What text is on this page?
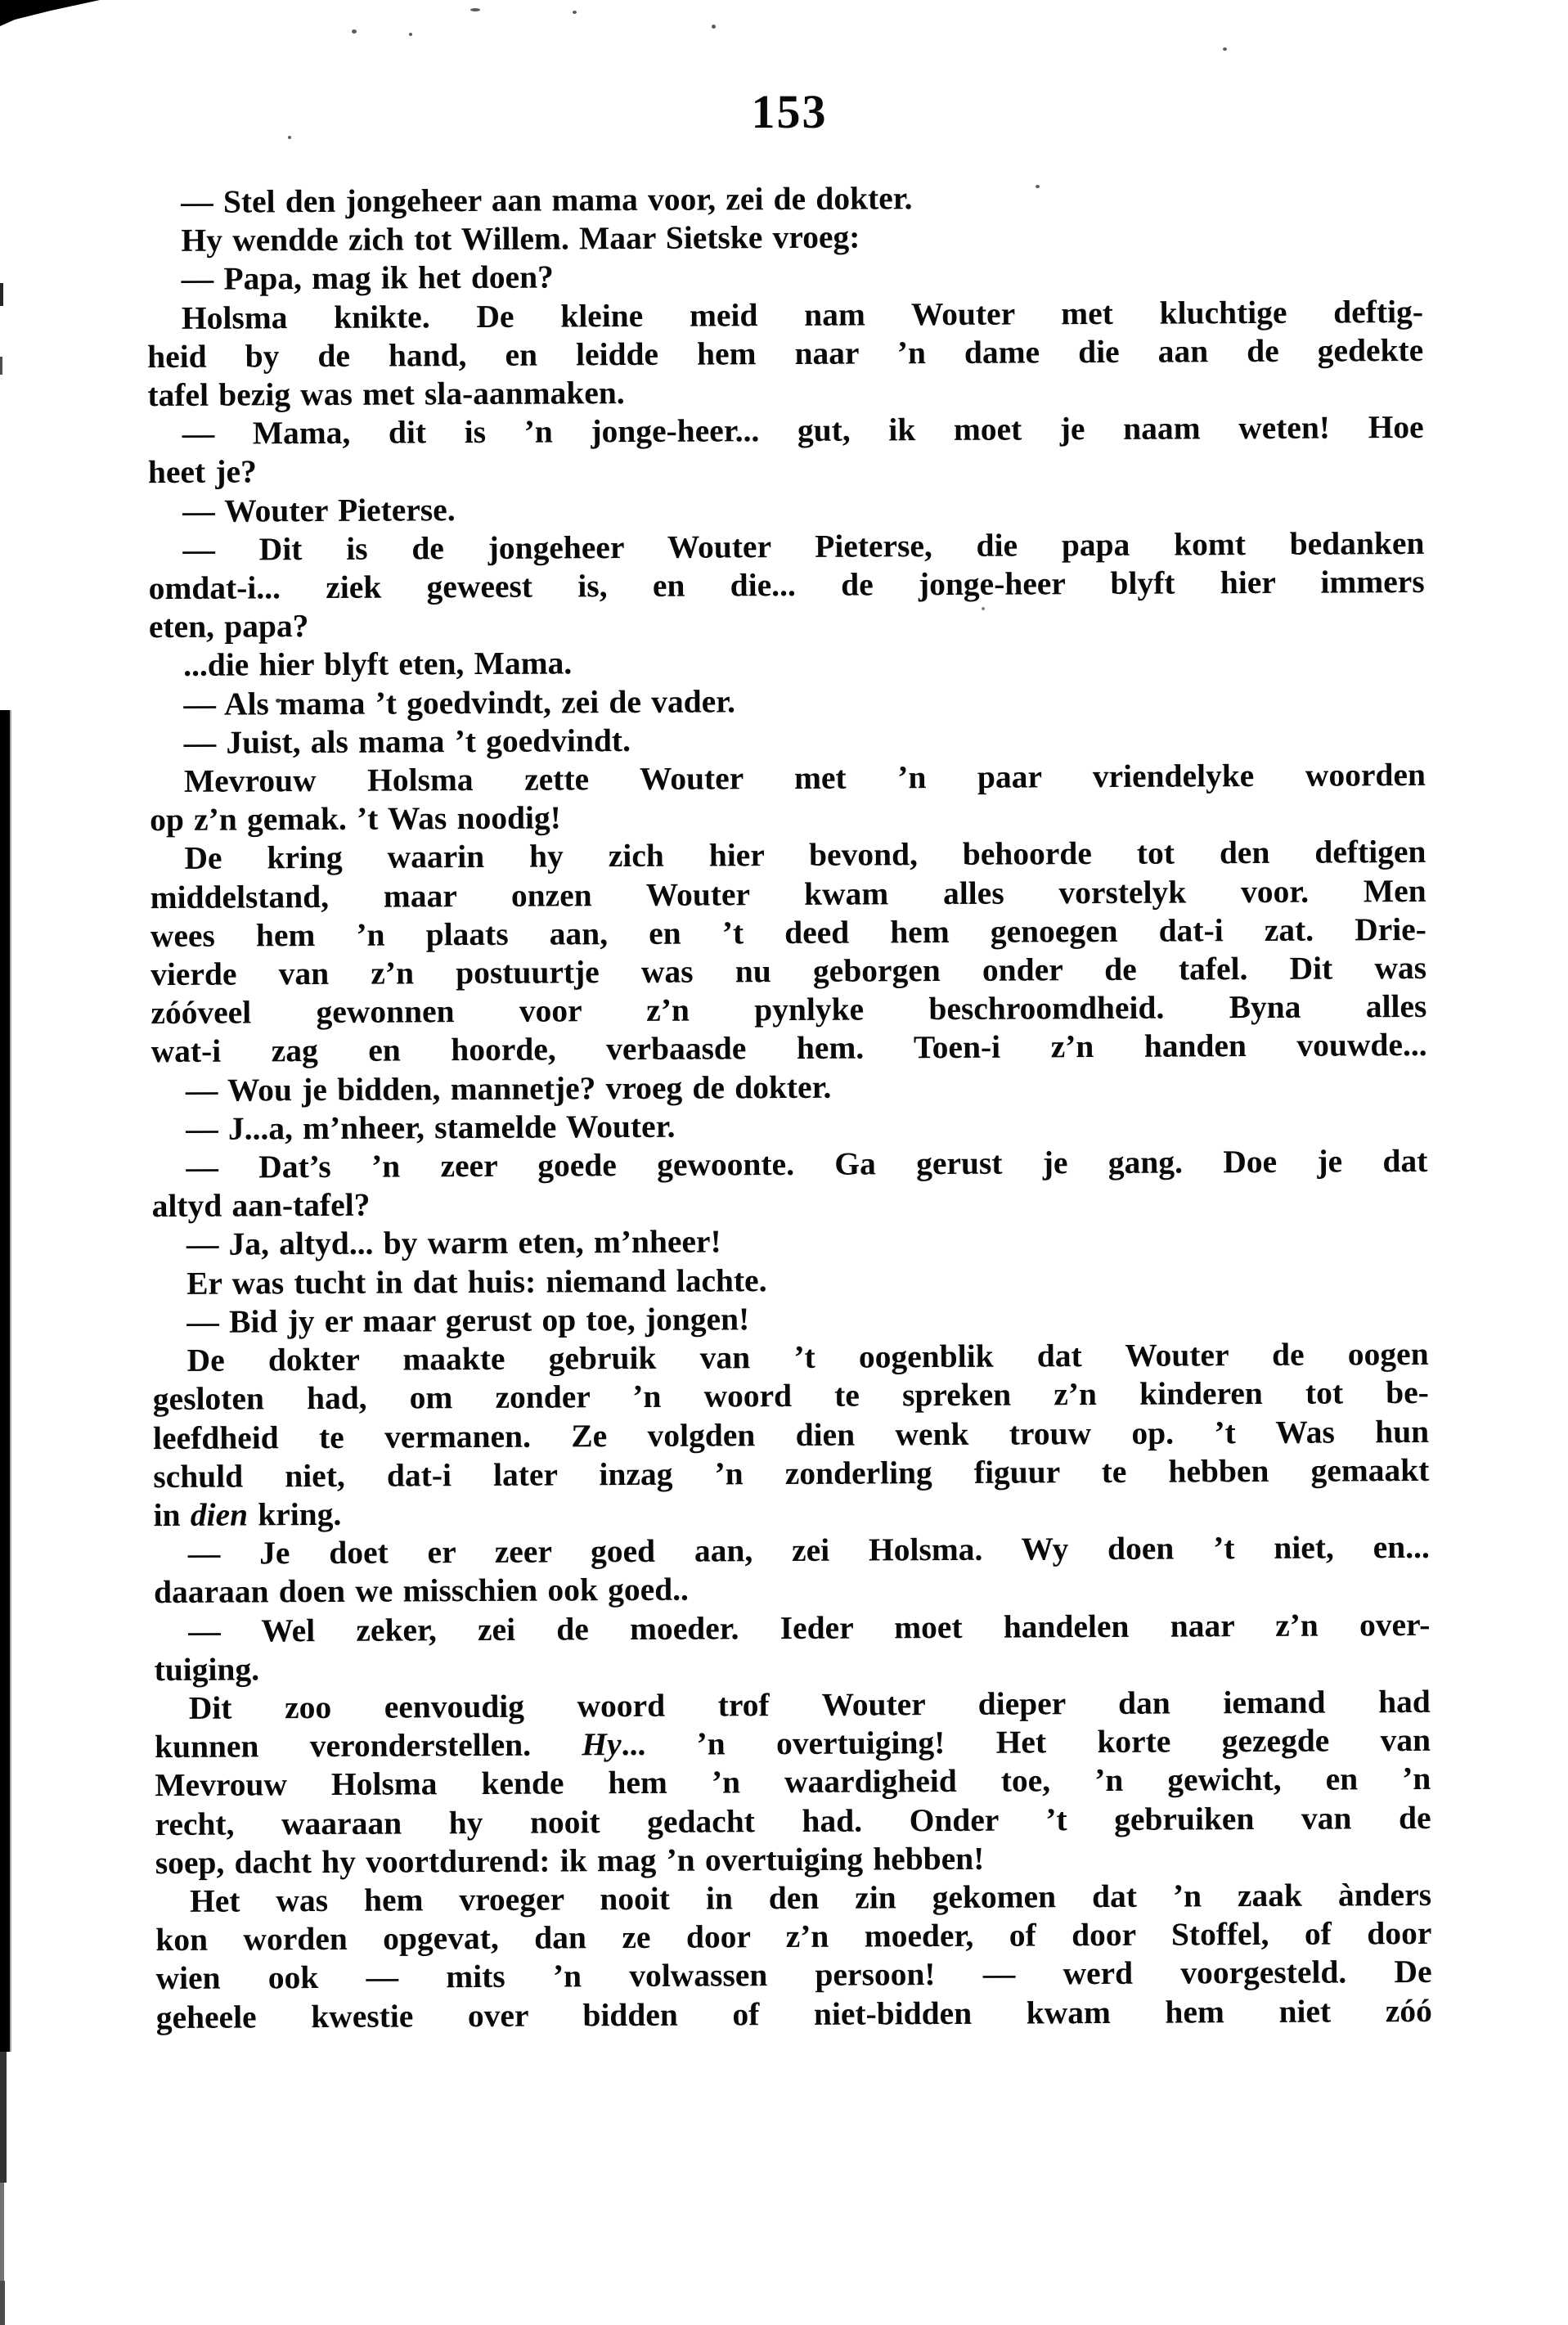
153
— Stel den jongeheer aan mama voor, zei de dokter.
Hy wendde zich tot Willem. Maar Sietske vroeg:
— Papa, mag ik het doen?
Holsma knikte. De kleine meid nam Wouter met kluchtige deftig-
heid by de hand, en leidde hem naar ’n dame die aan de gedekte
tafel bezig was met sla-aanmaken.
— Mama, dit is ’n jonge-heer... gut, ik moet je naam weten! Hoe
heet je?
— Wouter Pieterse.
— Dit is de jongeheer Wouter Pieterse, die papa komt bedanken
omdat-i... ziek geweest is, en die... de jonge-heer blyft hier immers
eten, papa?
...die hier blyft eten, Mama.
— Als mama ’t goedvindt, zei de vader.
— Juist, als mama ’t goedvindt.
Mevrouw Holsma zette Wouter met ’n paar vriendelyke woorden
op z’n gemak. ’t Was noodig!
De kring waarin hy zich hier bevond, behoorde tot den deftigen
middelstand, maar onzen Wouter kwam alles vorstelyk voor. Men
wees hem ’n plaats aan, en ’t deed hem genoegen dat-i zat. Drie-
vierde van z’n postuurtje was nu geborgen onder de tafel. Dit was
zóóveel gewonnen voor z’n pynlyke beschroomdheid. Byna alles
wat-i zag en hoorde, verbaasde hem. Toen-i z’n handen vouwde...
— Wou je bidden, mannetje? vroeg de dokter.
— J...a, m’nheer, stamelde Wouter.
— Dat’s ’n zeer goede gewoonte. Ga gerust je gang. Doe je dat
altyd aan-tafel?
— Ja, altyd... by warm eten, m’nheer!
Er was tucht in dat huis: niemand lachte.
— Bid jy er maar gerust op toe, jongen!
De dokter maakte gebruik van ’t oogenblik dat Wouter de oogen
gesloten had, om zonder ’n woord te spreken z’n kinderen tot be-
leefdheid te vermanen. Ze volgden dien wenk trouw op. ’t Was hun
schuld niet, dat-i later inzag ’n zonderling figuur te hebben gemaakt
in dien kring.
— Je doet er zeer goed aan, zei Holsma. Wy doen ’t niet, en...
daaraan doen we misschien ook goed..
— Wel zeker, zei de moeder. Ieder moet handelen naar z’n over-
tuiging.
Dit zoo eenvoudig woord trof Wouter dieper dan iemand had
kunnen veronderstellen. Hy... ’n overtuiging! Het korte gezegde van
Mevrouw Holsma kende hem ’n waardigheid toe, ’n gewicht, en ’n
recht, waaraan hy nooit gedacht had. Onder ’t gebruiken van de
soep, dacht hy voortdurend: ik mag ’n overtuiging hebben!
Het was hem vroeger nooit in den zin gekomen dat ’n zaak ànders
kon worden opgevat, dan ze door z’n moeder, of door Stoffel, of door
wien ook — mits ’n volwassen persoon! — werd voorgesteld. De
geheele kwestie over bidden of niet-bidden kwam hem niet zóó
